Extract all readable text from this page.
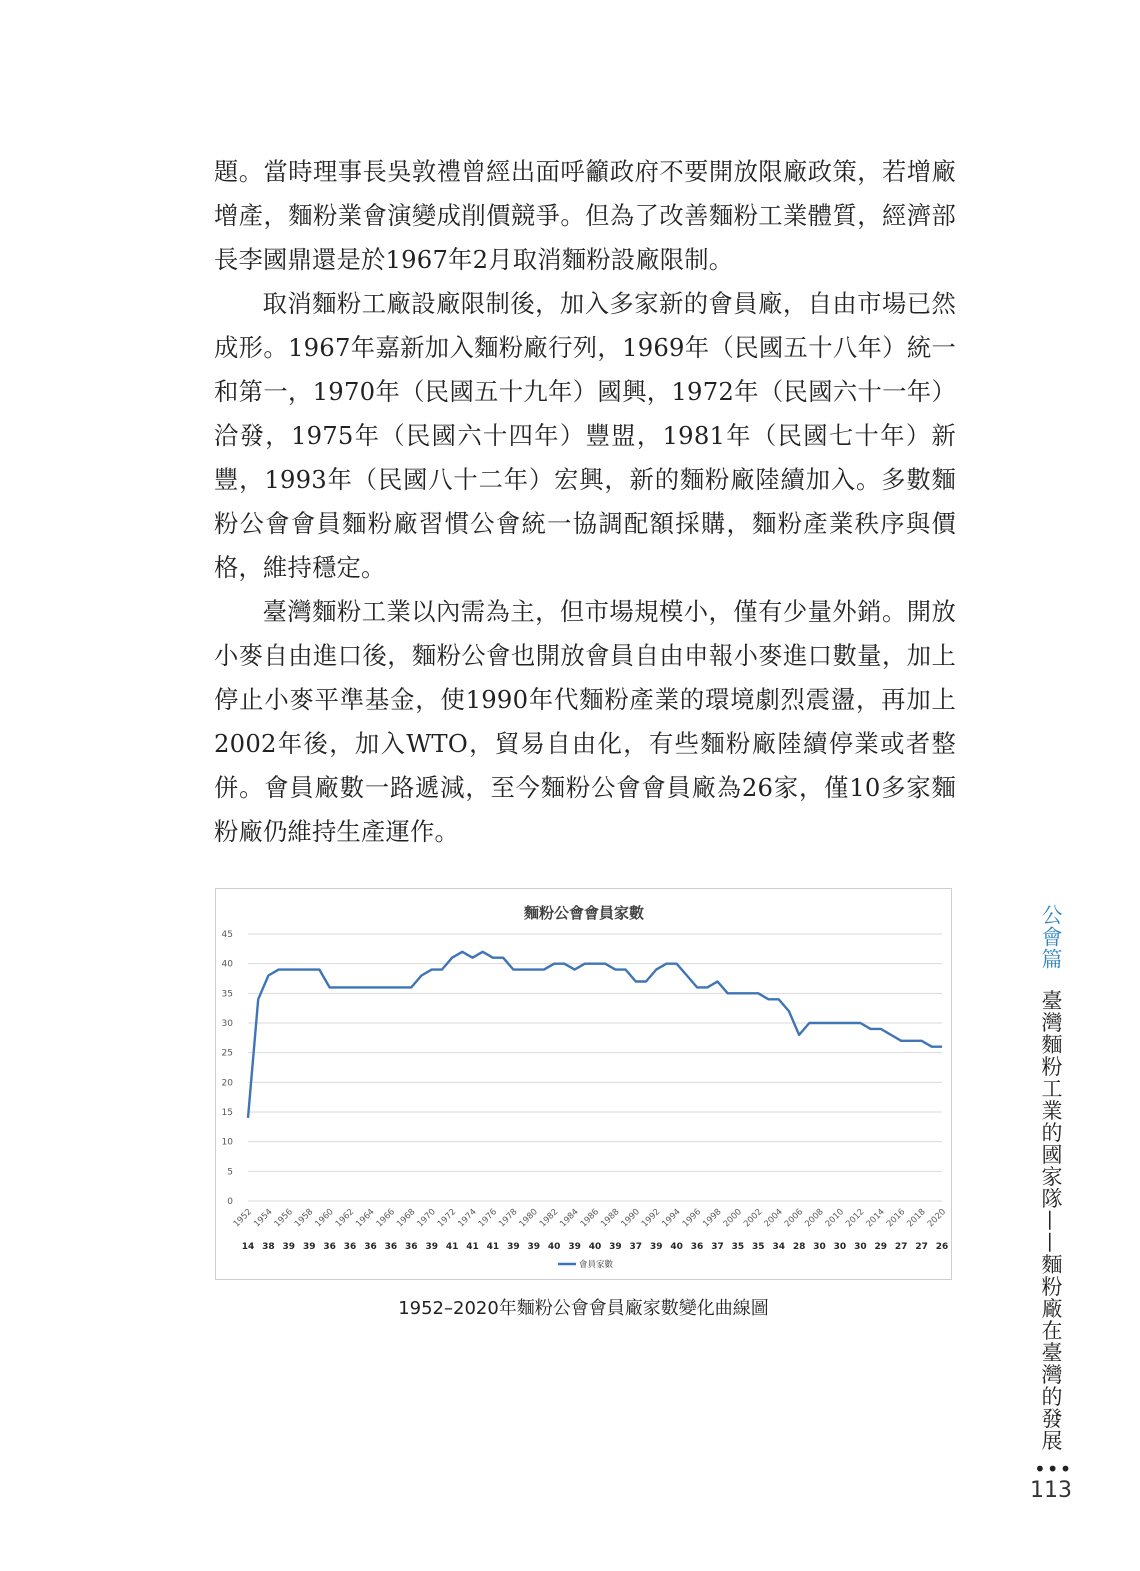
題。當時理事長吳敦禮曾經出面呼籲政府不要開放限廠政策，若增廠增產，麵粉業會演變成削價競爭。但為了改善麵粉工業體質，經濟部長李國鼎還是於1967年2月取消麵粉設廠限制。

取消麵粉工廠設廠限制後，加入多家新的會員廠，自由市場已然成形。1967年嘉新加入麵粉廠行列，1969年（民國五十八年）統一和第一，1970年（民國五十九年）國興，1972年（民國六十一年）洽發，1975年（民國六十四年）豐盟，1981年（民國七十年）新豐，1993年（民國八十二年）宏興，新的麵粉廠陸續加入。多數麵粉公會會員麵粉廠習慣公會統一協調配額採購，麵粉產業秩序與價格，維持穩定。

臺灣麵粉工業以內需為主，但市場規模小，僅有少量外銷。開放小麥自由進口後，麵粉公會也開放會員自由申報小麥進口數量，加上停止小麥平準基金，使1990年代麵粉產業的環境劇烈震盪，再加上2002年後，加入WTO，貿易自由化，有些麵粉廠陸續停業或者整併。會員廠數一路遞減，至今麵粉公會會員廠為26家，僅10多家麵粉廠仍維持生產運作。

麵粉公會會員家數
0
5
10
15
20
25
30
35
40
45
1952
1954
1956
1958
1960
1962
1964
1966
1968
1970
1972
1974
1976
1978
1980
1982
1984
1986
1988
1990
1992
1994
1996
1998
2000
2002
2004
2006
2008
2010
2012
2014
2016
2018
2020
14 38 39 39 36 36 36 36 36 39 41 41 41 39 39 40 39 40 39 37 39 40 36 37 35 35 34 28 30 30 30 29 27 27 26
會員家數
1952–2020年麵粉公會會員廠家數變化曲線圖
公會篇 臺灣麵粉工業的國家隊——麵粉廠在臺灣的發展
•••
113
